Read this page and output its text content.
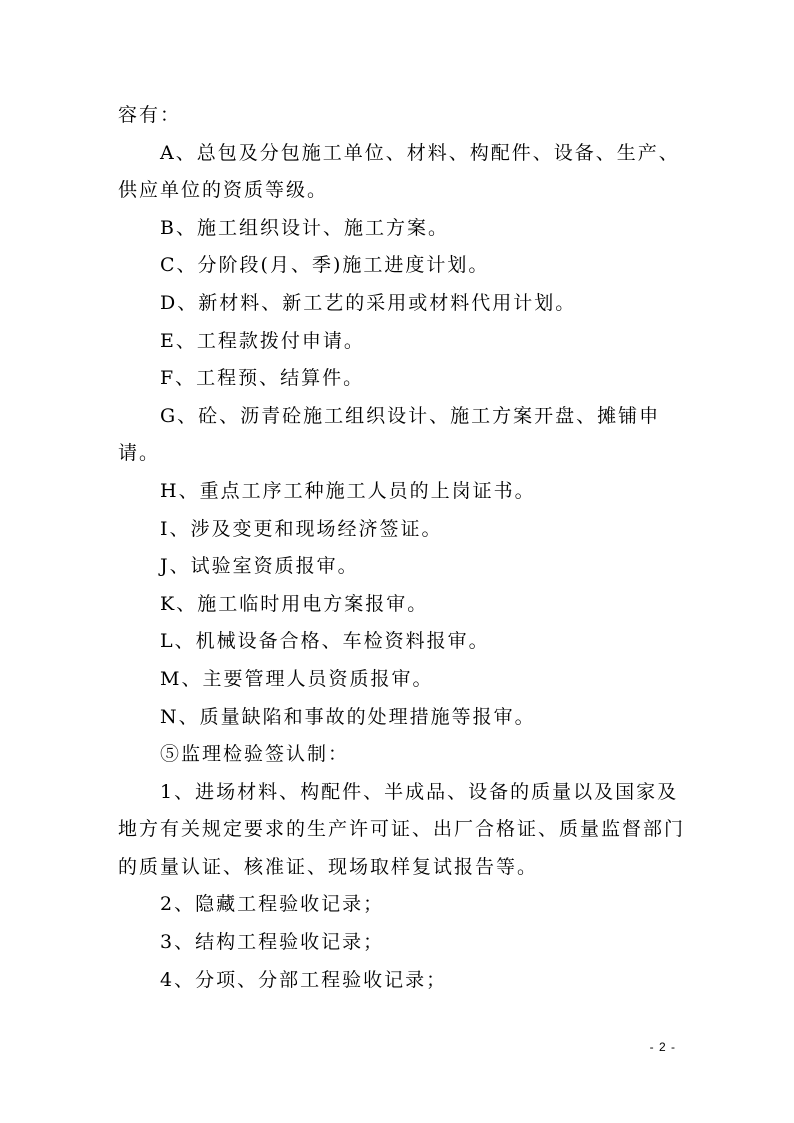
容有：

A、总包及分包施工单位、材料、构配件、设备、生产、供应单位的资质等级。

B、施工组织设计、施工方案。

C、分阶段(月、季)施工进度计划。

D、新材料、新工艺的采用或材料代用计划。

E、工程款拨付申请。

F、工程预、结算件。

G、砼、沥青砼施工组织设计、施工方案开盘、摊铺申请。

H、重点工序工种施工人员的上岗证书。

I、涉及变更和现场经济签证。

J、试验室资质报审。

K、施工临时用电方案报审。

L、机械设备合格、车检资料报审。

M、主要管理人员资质报审。

N、质量缺陷和事故的处理措施等报审。

⑤监理检验签认制：

1、进场材料、构配件、半成品、设备的质量以及国家及地方有关规定要求的生产许可证、出厂合格证、质量监督部门的质量认证、核准证、现场取样复试报告等。

2、隐藏工程验收记录；

3、结构工程验收记录；

4、分项、分部工程验收记录；

- 2 -
